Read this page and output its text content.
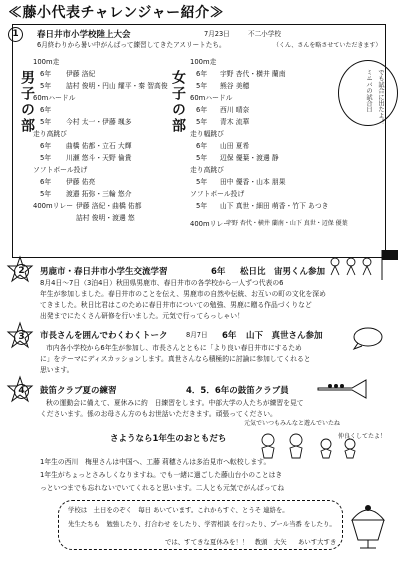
≪藤小代表チャレンジャー紹介≫
1	春日井市小学校陸上大会	7月23日	不二小学校
6月終わりから暑い中がんばって練習してきたアスリートたち。	（くん、さんを略させていただきます）
男子の部	女子の部
100m走
6年 伊藤 洛紀
5年 詰村 俊明・円山 耀平・秦 智高俊
60mハードル
6年
5年 今村 太一・伊藤 颯多
走り高跳び
6年 曲橋 佑都・立石 大輝
5年 川瀬 悠斗・天野 倫貴
ソフトボール投げ
6年 伊藤 佑亮
5年 渡邉 拓弥・三輪 悠介
400mリレー 伊藤 洛紀・曲橋 佑都
詰村 俊明・渡邊 悠
100m走
6年 宇野 杏代・横井 蘭南
5年 熊谷 美穂
60mハードル
6年 西川 晴奈
5年 青木 流華
走り幅跳び
6年 山田 夏希
5年 辺保 優葉・渡邊 静
走り高跳び
5年 田中 優香・山本 朋果
ソフトボール投げ
5年 山下 真世・細田 萌香・竹下 あつき
400mリレー
宇野 杏代・横井 蘭南・山下 真世・辺保 優葉
ミニバの試合日 でも試合に出たよ！
2	男鹿市・春日井市小学生交流学習	6年 松日比　宙男くん参加
8月4日〜7日（3泊4日）秋田県男鹿市、春日井市の各学校から一人ずつ代表の6
年生が参加しました。春日井市のことを伝え、男鹿市の自然や伝統、お互いの町の文化を深め
てきました。秋日比君はこのために春日井市についての勉強、男鹿に贈る作品づくりなど
出発までにたくさん研修を行いました。元気で行ってらっしゃい！
3	市長さんを囲んでわくわくトーク	8月7日 6年 山下　真世さん参加
市内各小学校から6年生が参加し、市長さんとともに「より良い春日井市にするため
に」をテーマにディスカッションします。真世さんなら積極的に討論に参加してくれると
思います。
4	鼓笛クラブ夏の練習	4．5．6年の鼓笛クラブ員
秋の運動会に備えて、夏休みに約　日練習をします。中部大学の人たちが練習を見て
くださいます。係のお母さん方のもお世話いただきます。頑張ってください。
さようなら1年生のおともだち
元気でいつもみんなと遊んでいたね
仲良くしてたよ！
1年生の西川　梅里さんは中国へ、工藤 莉穂さんは多治見市へ転校します。
1年生がちょっとさみしくなりますね。でも一緒に過ごした藤山台小のことはき
っといつまでも忘れないでいてくれると思います。二人とも元気でがんばってね
学校は　土日をのぞく　毎日 あいています。これからすぐ、とうそ 連絡を。
先生たちも　勉強したり、打合わせ をしたり、学習相談 を行ったり、プール当番 をしたり。
では、すてきな夏休みを！！　教頭　大矢 あいす大すき
